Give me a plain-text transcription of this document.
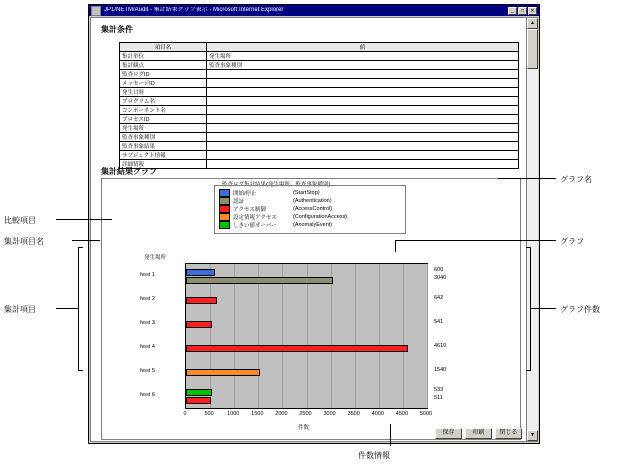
JP1/NETM/Audit - 集計結果グラフ表示 - Microsoft Internet Explorer	_	□	✕
集計条件
項目名	値
集計単位	発生場所
集計観点	監査事象種別
監査ログID	
メッセージID	
発生日時	
プログラム名	
コンポーネント名	
プロセスID	
発生場所	
監査事象種別	
監査事象結果	
サブジェクト情報	
詳細情報	
集計結果グラフ
監査ログ集計結果(発生場所、監査事象種別)
開始/停止	(StartStop)
認証	(Authentication)
アクセス制御	(AccessControl)
設定情報アクセス	(ConfigurationAccess)
しきい値オーバー	(AnomalyEvent)
発生場所
host 1
host 2
host 3
host 4
host 5
host 6
600
3040
642
541
4610
1540
533
511
0	500 1000 1500 2000 2500 3000 3500 4000 4500 5000
件数
保存	印刷	閉じる
▲
▼
比較項目
集計項目名
集計項目
グラフ名
グラフ
グラフ件数
件数情報
